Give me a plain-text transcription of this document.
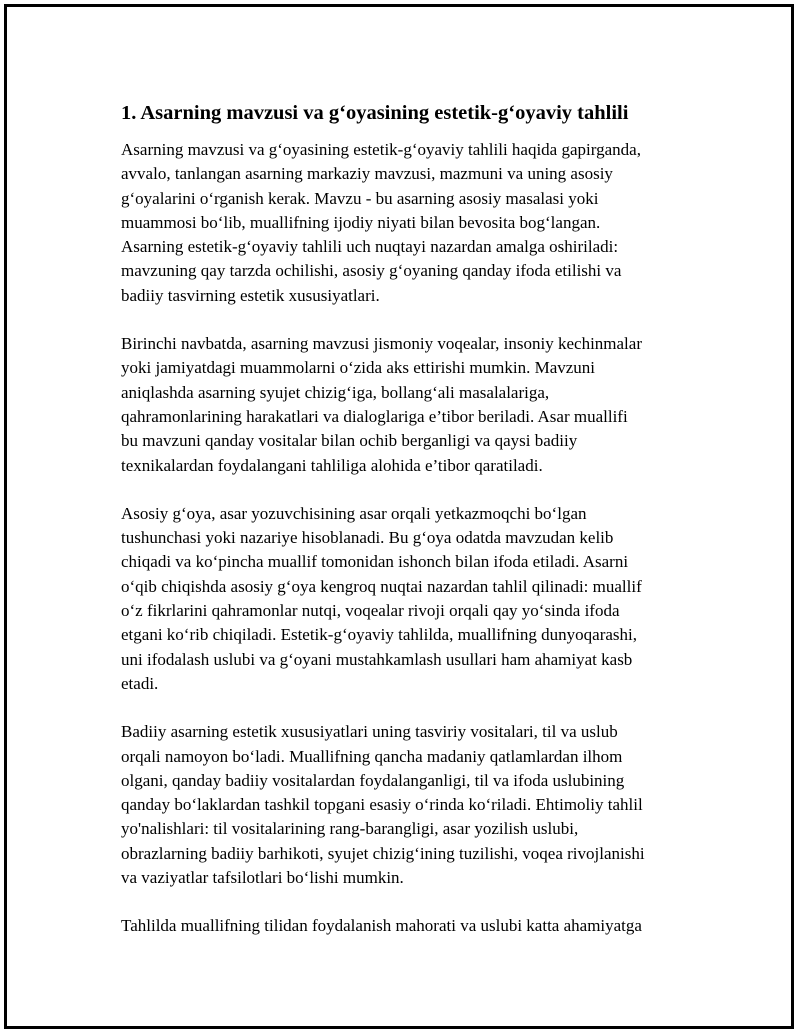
1. Asarning mavzusi va g‘oyasining estetik-g‘oyaviy tahlili

Asarning mavzusi va g‘oyasining estetik-g‘oyaviy tahlili haqida gapirganda,
avvalo, tanlangan asarning markaziy mavzusi, mazmuni va uning asosiy
g‘oyalarini o‘rganish kerak. Mavzu - bu asarning asosiy masalasi yoki
muammosi bo‘lib, muallifning ijodiy niyati bilan bevosita bog‘langan.
Asarning estetik-g‘oyaviy tahlili uch nuqtayi nazardan amalga oshiriladi:
mavzuning qay tarzda ochilishi, asosiy g‘oyaning qanday ifoda etilishi va
badiiy tasvirning estetik xususiyatlari.

Birinchi navbatda, asarning mavzusi jismoniy voqealar, insoniy kechinmalar
yoki jamiyatdagi muammolarni o‘zida aks ettirishi mumkin. Mavzuni
aniqlashda asarning syujet chizig‘iga, bollang‘ali masalalariga,
qahramonlarining harakatlari va dialoglariga e’tibor beriladi. Asar muallifi
bu mavzuni qanday vositalar bilan ochib berganligi va qaysi badiiy
texnikalardan foydalangani tahliliga alohida e’tibor qaratiladi.

Asosiy g‘oya, asar yozuvchisining asar orqali yetkazmoqchi bo‘lgan
tushunchasi yoki nazariye hisoblanadi. Bu g‘oya odatda mavzudan kelib
chiqadi va ko‘pincha muallif tomonidan ishonch bilan ifoda etiladi. Asarni
o‘qib chiqishda asosiy g‘oya kengroq nuqtai nazardan tahlil qilinadi: muallif
o‘z fikrlarini qahramonlar nutqi, voqealar rivoji orqali qay yo‘sinda ifoda
etgani ko‘rib chiqiladi. Estetik-g‘oyaviy tahlilda, muallifning dunyoqarashi,
uni ifodalash uslubi va g‘oyani mustahkamlash usullari ham ahamiyat kasb
etadi.

Badiiy asarning estetik xususiyatlari uning tasviriy vositalari, til va uslub
orqali namoyon bo‘ladi. Muallifning qancha madaniy qatlamlardan ilhom
olgani, qanday badiiy vositalardan foydalanganligi, til va ifoda uslubining
qanday bo‘laklardan tashkil topgani esasiy o‘rinda ko‘riladi. Ehtimoliy tahlil
yo'nalishlari: til vositalarining rang-barangligi, asar yozilish uslubi,
obrazlarning badiiy barhikoti, syujet chizig‘ining tuzilishi, voqea rivojlanishi
va vaziyatlar tafsilotlari bo‘lishi mumkin.

Tahlilda muallifning tilidan foydalanish mahorati va uslubi katta ahamiyatga
